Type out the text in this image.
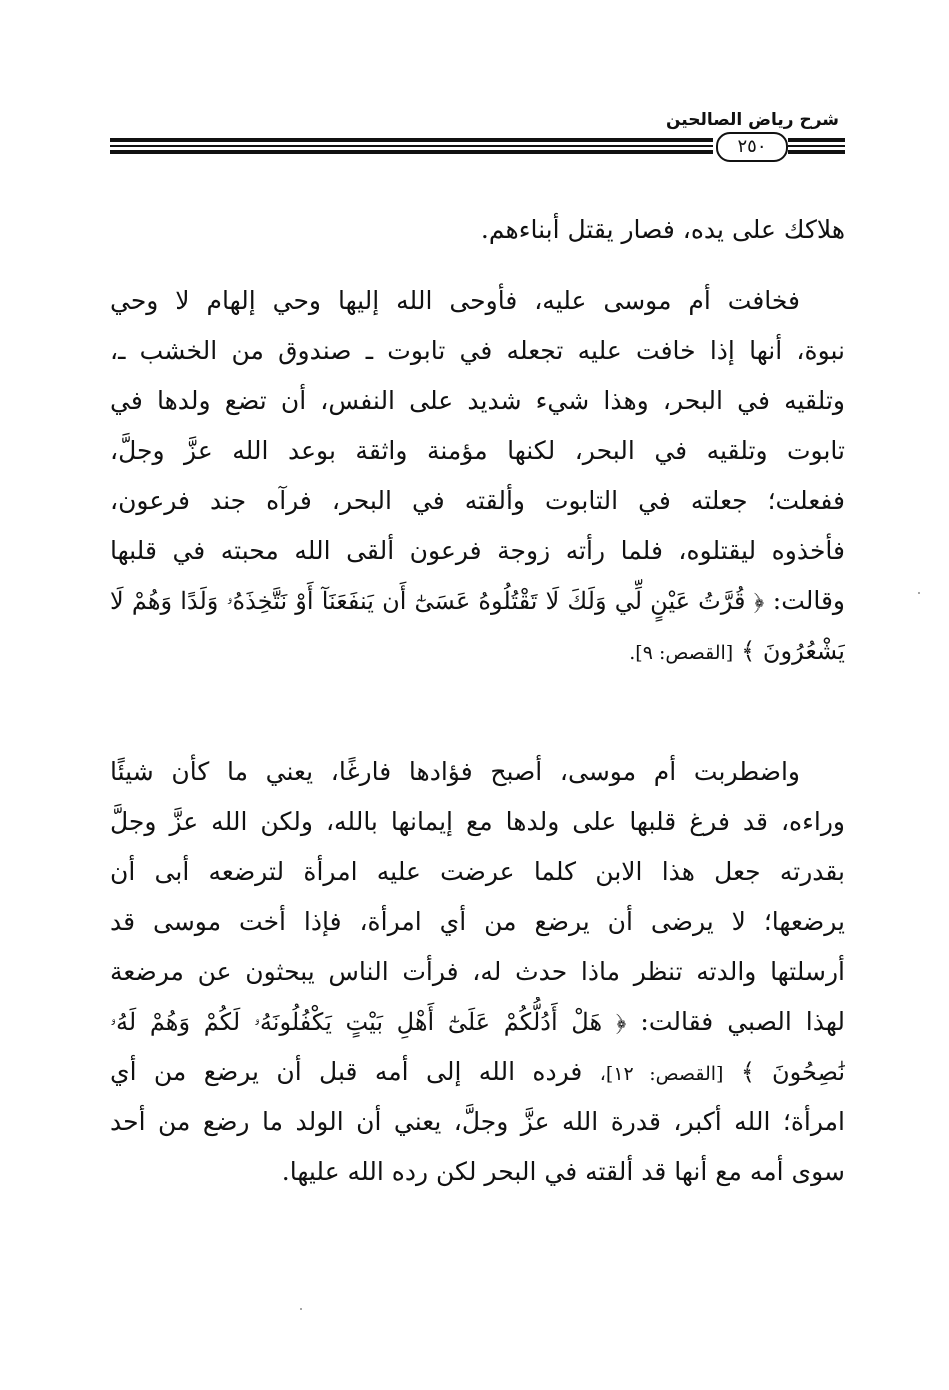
شرح رياض الصالحين
٢٥٠
هلاكك على يده، فصار يقتل أبناءهم.
فخافت أم موسى عليه، فأوحى الله إليها وحي إلهام لا وحي
نبوة، أنها إذا خافت عليه تجعله في تابوت ـ صندوق من الخشب ـ،
وتلقيه في البحر، وهذا شيء شديد على النفس، أن تضع ولدها في
تابوت وتلقيه في البحر، لكنها مؤمنة واثقة بوعد الله عزَّ وجلَّ،
ففعلت؛ جعلته في التابوت وألقته في البحر، فرآه جند فرعون،
فأخذوه ليقتلوه، فلما رأته زوجة فرعون ألقى الله محبته في قلبها
وقالت: ﴿ قُرَّتُ عَيْنٍ لِّي وَلَكَ لَا تَقْتُلُوهُ عَسَىٰٓ أَن يَنفَعَنَآ أَوْ نَتَّخِذَهُۥ وَلَدًا وَهُمْ لَا
يَشْعُرُونَ ﴾ [القصص: ٩].
واضطربت أم موسى، أصبح فؤادها فارغًا، يعني ما كأن شيئًا
وراءه، قد فرغ قلبها على ولدها مع إيمانها بالله، ولكن الله عزَّ وجلَّ
بقدرته جعل هذا الابن كلما عرضت عليه امرأة لترضعه أبى أن
يرضعها؛ لا يرضى أن يرضع من أي امرأة، فإذا أخت موسى قد
أرسلتها والدته تنظر ماذا حدث له، فرأت الناس يبحثون عن مرضعة
لهذا الصبي فقالت: ﴿ هَلْ أَدُلُّكُمْ عَلَىٰٓ أَهْلِ بَيْتٍ يَكْفُلُونَهُۥ لَكُمْ وَهُمْ لَهُۥ
نَٰصِحُونَ ﴾ [القصص: ١٢]، فرده الله إلى أمه قبل أن يرضع من أي
امرأة؛ الله أكبر، قدرة الله عزَّ وجلَّ، يعني أن الولد ما رضع من أحد
سوى أمه مع أنها قد ألقته في البحر لكن رده الله عليها.
